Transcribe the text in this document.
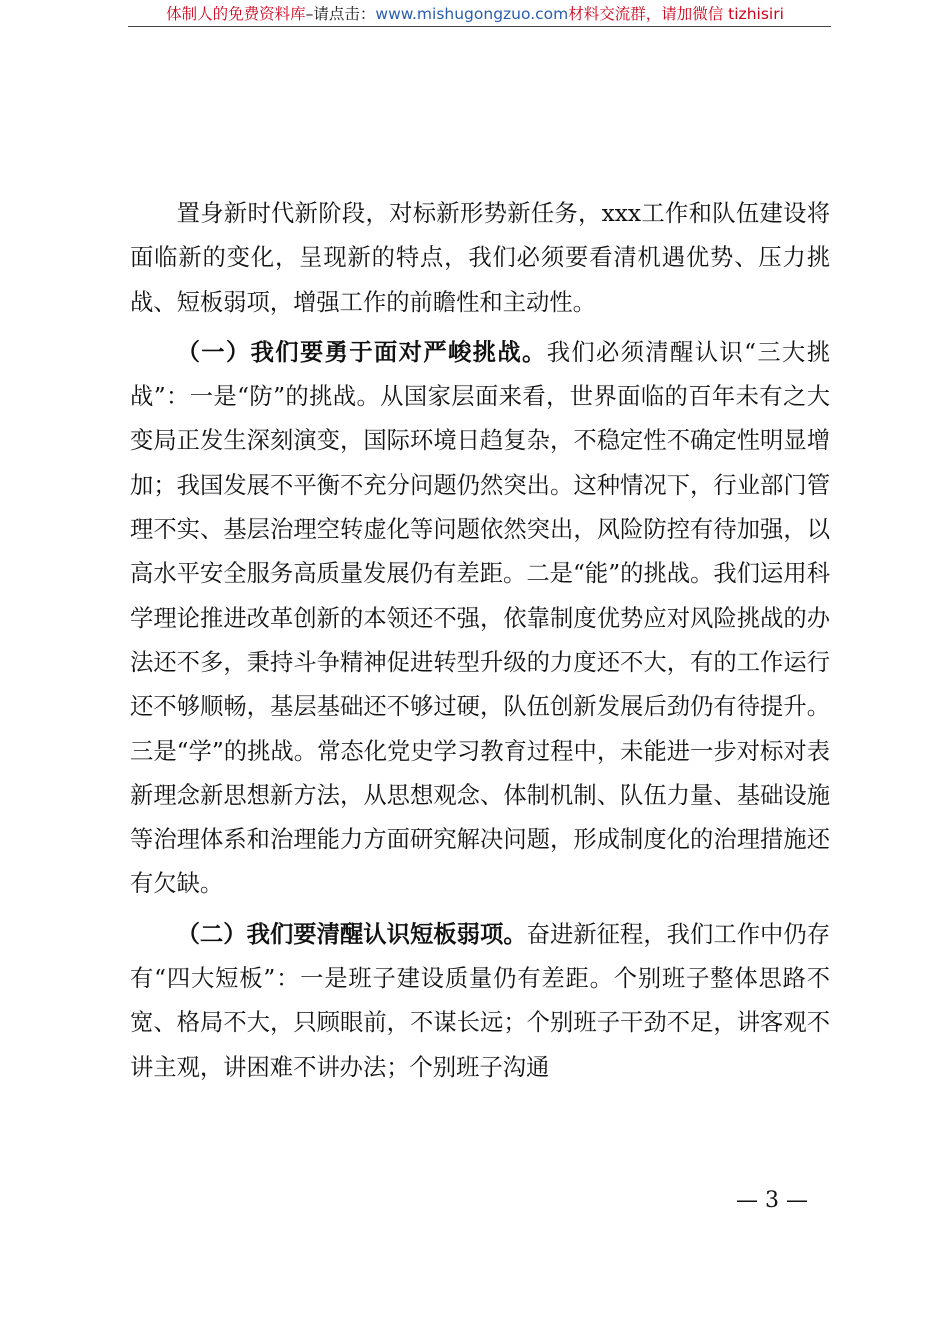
体制人的免费资料库–请点击：www.mishugongzuo.com材料交流群，请加微信 tizhisiri

置身新时代新阶段，对标新形势新任务，xxx工作和队伍建设将面临新的变化，呈现新的特点，我们必须要看清机遇优势、压力挑战、短板弱项，增强工作的前瞻性和主动性。

（一）我们要勇于面对严峻挑战。我们必须清醒认识“三大挑战”：一是“防”的挑战。从国家层面来看，世界面临的百年未有之大变局正发生深刻演变，国际环境日趋复杂，不稳定性不确定性明显增加；我国发展不平衡不充分问题仍然突出。这种情况下，行业部门管理不实、基层治理空转虚化等问题依然突出，风险防控有待加强，以高水平安全服务高质量发展仍有差距。二是“能”的挑战。我们运用科学理论推进改革创新的本领还不强，依靠制度优势应对风险挑战的办法还不多，秉持斗争精神促进转型升级的力度还不大，有的工作运行还不够顺畅，基层基础还不够过硬，队伍创新发展后劲仍有待提升。三是“学”的挑战。常态化党史学习教育过程中，未能进一步对标对表新理念新思想新方法，从思想观念、体制机制、队伍力量、基础设施等治理体系和治理能力方面研究解决问题，形成制度化的治理措施还有欠缺。

（二）我们要清醒认识短板弱项。奋进新征程，我们工作中仍存有“四大短板”：一是班子建设质量仍有差距。个别班子整体思路不宽、格局不大，只顾眼前，不谋长远；个别班子干劲不足，讲客观不讲主观，讲困难不讲办法；个别班子沟通

— 3 —
